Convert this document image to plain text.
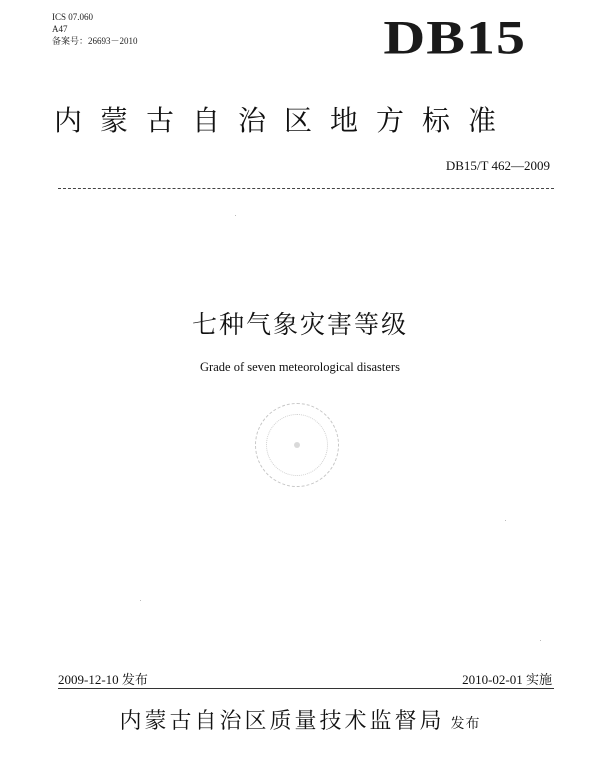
ICS 07.060
A47
备案号：26693－2010	DB15
内蒙古自治区地方标准
DB15/T 462—2009
七种气象灾害等级
Grade of seven meteorological disasters
2009-12-10 发布	2010-02-01 实施
内蒙古自治区质量技术监督局 发布
